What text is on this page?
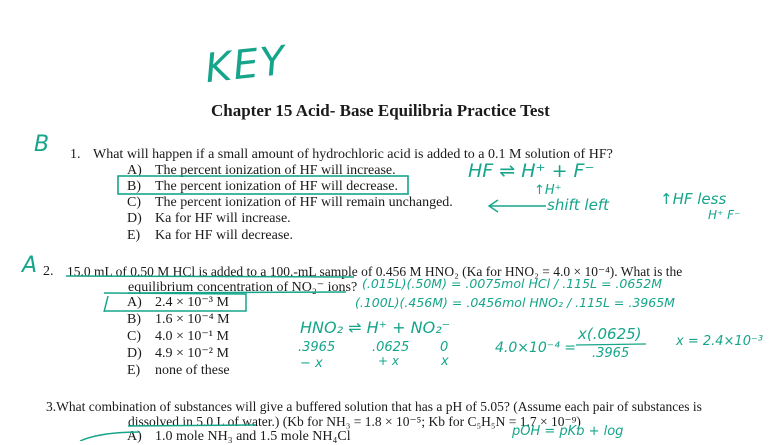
KEY
Chapter 15 Acid- Base Equilibria Practice Test
B 1. What will happen if a small amount of hydrochloric acid is added to a 0.1 M solution of HF?
A) The percent ionization of HF will increase.
B) The percent ionization of HF will decrease.
C) The percent ionization of HF will remain unchanged.
D) Ka for HF will increase.
E) Ka for HF will decrease.
HF ⇌ H⁺ + F⁻
↑H⁺
shift left	↑HF less
H⁺ F⁻
A 2. 15.0 mL of 0.50 M HCl is added to a 100.-mL sample of 0.456 M HNO₂ (Ka for HNO₂ = 4.0 × 10⁻⁴). What is the
equilibrium concentration of NO₂⁻ ions?
A) 2.4 × 10⁻³ M
B) 1.6 × 10⁻⁴ M
C) 4.0 × 10⁻¹ M
D) 4.9 × 10⁻² M
E) none of these
(.015L)(.50M) = .0075mol HCl / .115L = .0652M
(.100L)(.456M) = .0456mol HNO₂ / .115L = .3965M
HNO₂ ⇌ H⁺ + NO₂⁻
.3965	.0625 0
− x	+ x	x
4.0×10⁻⁴ =
x(.0625)
.3965
x = 2.4×10⁻³
3.What combination of substances will give a buffered solution that has a pH of 5.05? (Assume each pair of substances is
dissolved in 5.0 L of water.) (Kb for NH₃ = 1.8 × 10⁻⁵; Kb for C₅H₅N = 1.7 × 10⁻⁹)
A) 1.0 mole NH₃ and 1.5 mole NH₄Cl	pOH = pKb + log
